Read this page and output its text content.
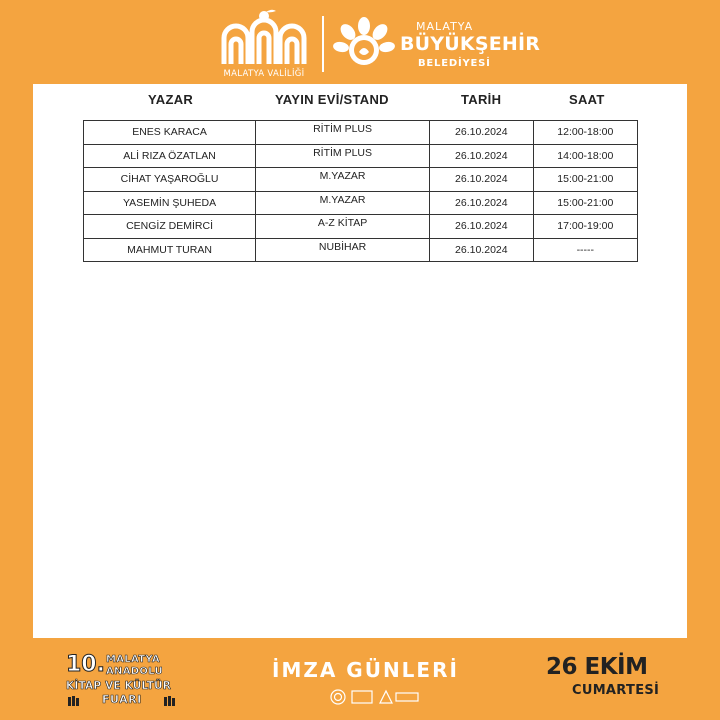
MALATYA VALİLİĞİ
MALATYA
BÜYÜKŞEHİR
BELEDİYESİ
YAZAR	YAYIN EVİ/STAND	TARİH	SAAT
ENES KARACA	RİTİM PLUS	26.10.2024	12:00-18:00
ALİ RIZA ÖZATLAN	RİTİM PLUS	26.10.2024	14:00-18:00
CİHAT YAŞAROĞLU	M.YAZAR	26.10.2024	15:00-21:00
YASEMİN ŞUHEDA	M.YAZAR	26.10.2024	15:00-21:00
CENGİZ DEMİRCİ	A-Z KİTAP	26.10.2024	17:00-19:00
MAHMUT TURAN	NUBİHAR	26.10.2024	-----
10. MALATYA
ANADOLU
KİTAP VE KÜLTÜR
FUARI
İMZA GÜNLERİ	26 EKİM
CUMARTESİ
